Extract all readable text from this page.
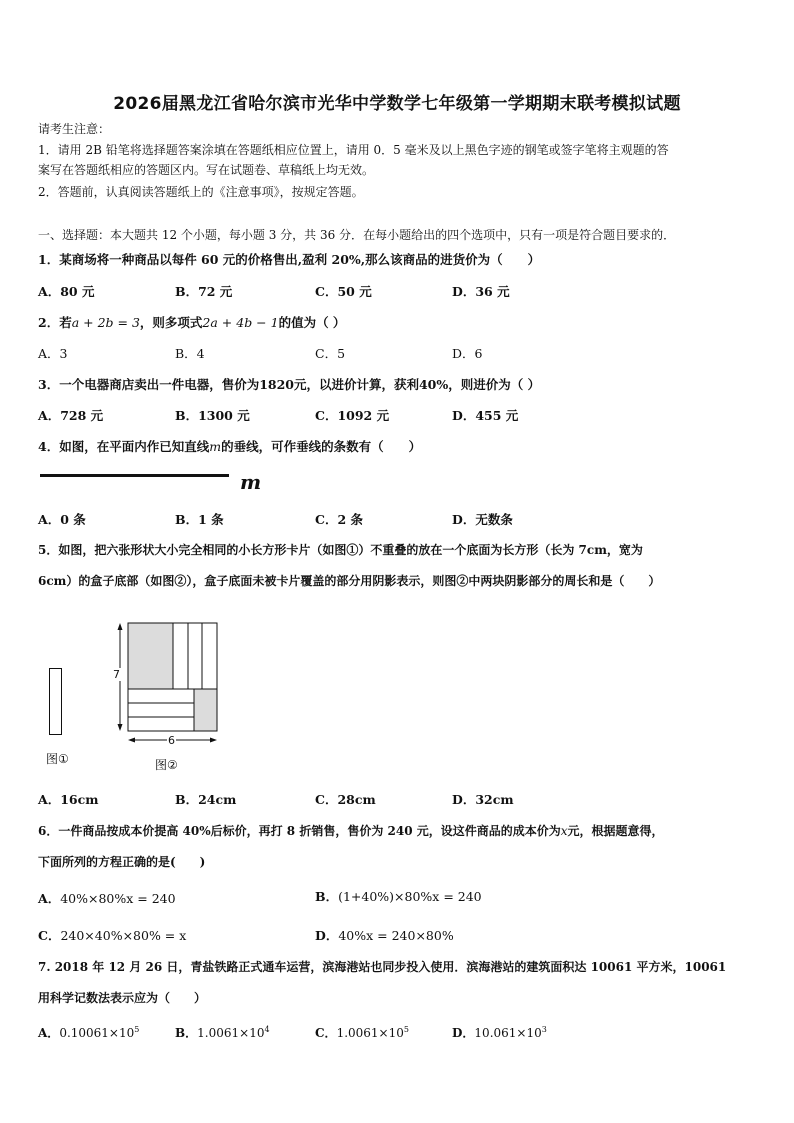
2026届黑龙江省哈尔滨市光华中学数学七年级第一学期期末联考模拟试题
请考生注意：
1．请用 2B 铅笔将选择题答案涂填在答题纸相应位置上，请用 0．5 毫米及以上黑色字迹的钢笔或签字笔将主观题的答
案写在答题纸相应的答题区内。写在试题卷、草稿纸上均无效。
2．答题前，认真阅读答题纸上的《注意事项》，按规定答题。
一、选择题：本大题共 12 个小题，每小题 3 分，共 36 分．在每小题给出的四个选项中，只有一项是符合题目要求的．
1．某商场将一种商品以每件 60 元的价格售出,盈利 20%,那么该商品的进货价为（　　）
A．80 元	B．72 元	C．50 元	D．36 元
2．若a + 2b = 3，则多项式2a + 4b − 1的值为（ ）
A．3	B．4	C．5	D．6
3．一个电器商店卖出一件电器，售价为1820元，以进价计算，获利40%，则进价为（ ）
A．728 元	B．1300 元	C．1092 元	D．455 元
4．如图，在平面内作已知直线m的垂线，可作垂线的条数有（　　）
m
A．0 条	B．1 条	C．2 条	D．无数条
5．如图，把六张形状大小完全相同的小长方形卡片（如图①）不重叠的放在一个底面为长方形（长为 7cm，宽为
6cm）的盒子底部（如图②），盒子底面未被卡片覆盖的部分用阴影表示，则图②中两块阴影部分的周长和是（　　）
图①
7
6
图②
A．16cm	B．24cm	C．28cm	D．32cm
6．一件商品按成本价提高 40%后标价，再打 8 折销售，售价为 240 元，设这件商品的成本价为x元，根据题意得，
下面所列的方程正确的是(　　)
A．40%×80%x = 240	B．(1+40%)×80%x = 240
C．240×40%×80% = x	D．40%x = 240×80%
7. 2018 年 12 月 26 日，青盐铁路正式通车运营，滨海港站也同步投入使用．滨海港站的建筑面积达 10061 平方米，10061
用科学记数法表示应为（　　）
A．$0.10061\times 10^5$	B．$1.0061\times 10^4$	C．$1.0061\times 10^5$	D．$10.061\times 10^3$
